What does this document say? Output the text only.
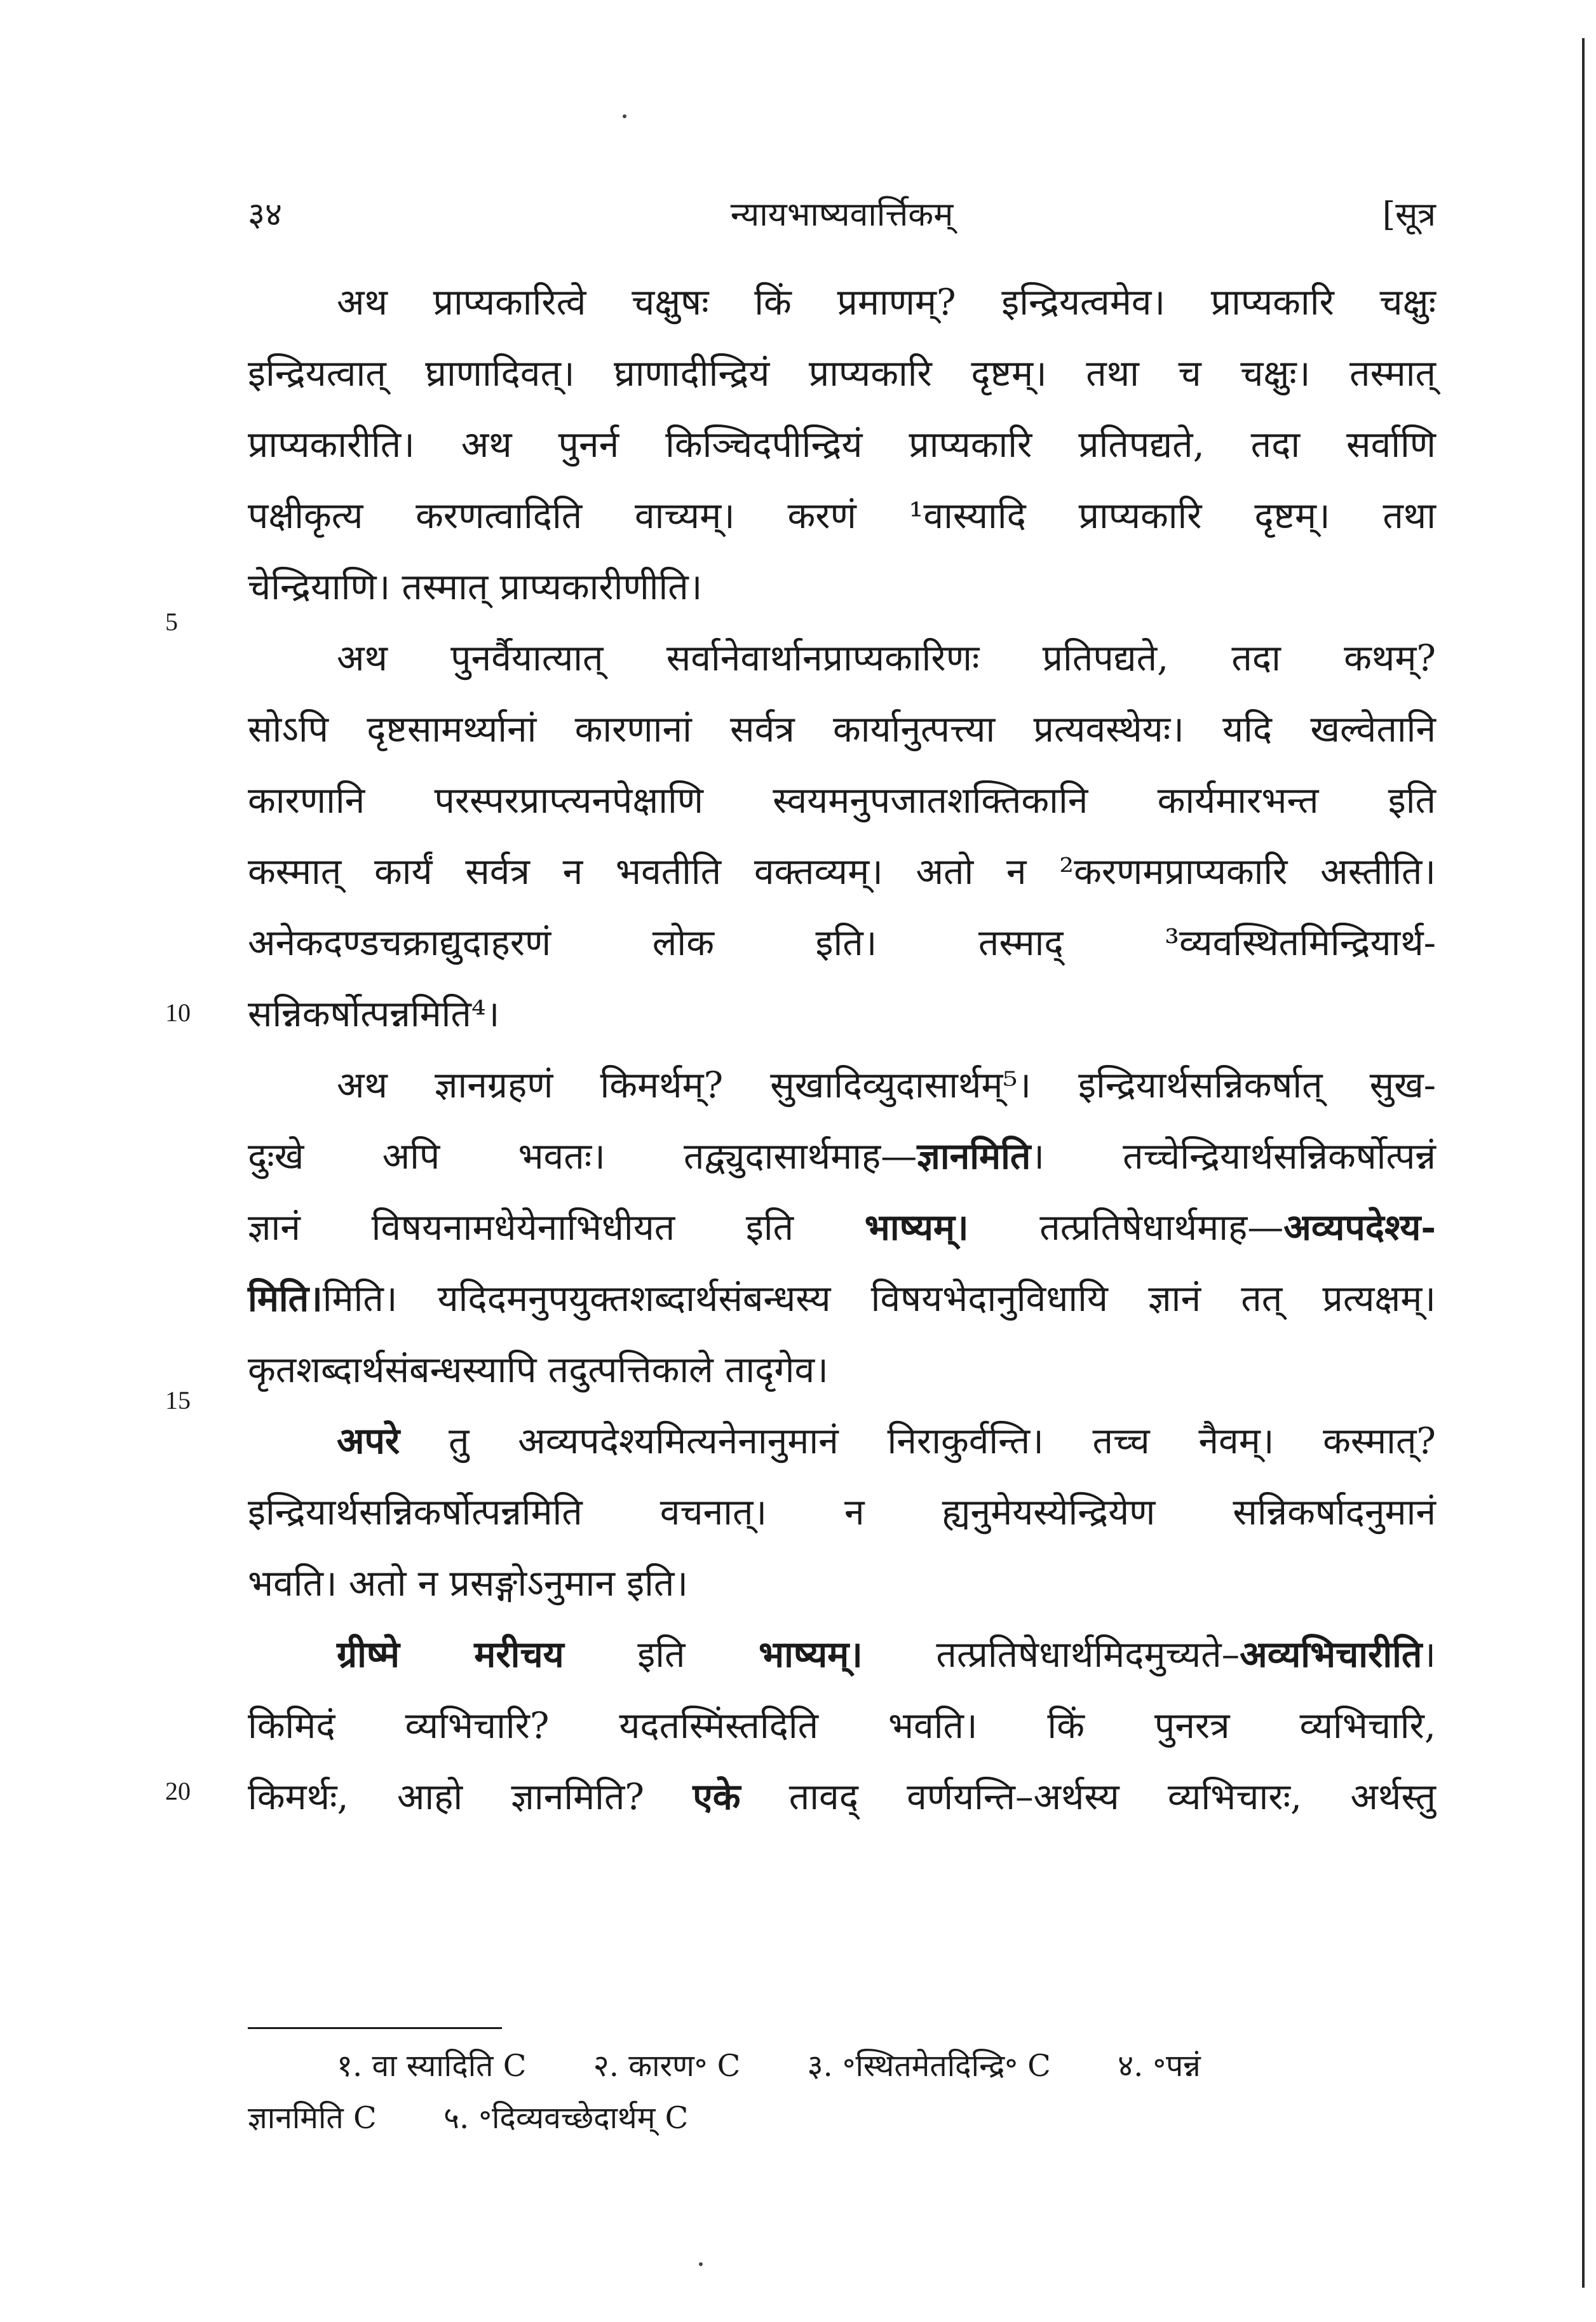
३४	न्यायभाष्यवार्त्तिकम्	[सूत्र
5
10
15
20

अथ प्राप्यकारित्वे चक्षुषः किं प्रमाणम्? इन्द्रियत्वमेव। प्राप्यकारि चक्षुः
इन्द्रियत्वात् घ्राणादिवत्। घ्राणादीन्द्रियं प्राप्यकारि दृष्टम्। तथा च चक्षुः। तस्मात्
प्राप्यकारीति। अथ पुनर्न किञ्चिदपीन्द्रियं प्राप्यकारि प्रतिपद्यते, तदा सर्वाणि
पक्षीकृत्य करणत्वादिति वाच्यम्। करणं ¹वास्यादि प्राप्यकारि दृष्टम्। तथा
चेन्द्रियाणि। तस्मात् प्राप्यकारीणीति।

अथ पुनर्वैयात्यात् सर्वानेवार्थानप्राप्यकारिणः प्रतिपद्यते, तदा कथम्?
सोऽपि दृष्टसामर्थ्यानां कारणानां सर्वत्र कार्यानुत्पत्त्या प्रत्यवस्थेयः। यदि खल्वेतानि
कारणानि परस्परप्राप्त्यनपेक्षाणि स्वयमनुपजातशक्तिकानि कार्यमारभन्त इति
कस्मात् कार्यं सर्वत्र न भवतीति वक्तव्यम्। अतो न ²करणमप्राप्यकारि अस्तीति।
अनेकदण्डचक्राद्युदाहरणं लोक इति। तस्माद् ³व्यवस्थितमिन्द्रियार्थ-
सन्निकर्षोत्पन्नमिति⁴।

अथ ज्ञानग्रहणं किमर्थम्? सुखादिव्युदासार्थम्⁵। इन्द्रियार्थसन्निकर्षात् सुख-
दुःखे अपि भवतः। तद्व्युदासार्थमाह—ज्ञानमिति। तच्चेन्द्रियार्थसन्निकर्षोत्पन्नं
ज्ञानं विषयनामधेयेनाभिधीयत इति भाष्यम्। तत्प्रतिषेधार्थमाह—अव्यपदेश्य-
मिति।मिति। यदिदमनुपयुक्तशब्दार्थसंबन्धस्य विषयभेदानुविधायि ज्ञानं तत् प्रत्यक्षम्।
कृतशब्दार्थसंबन्धस्यापि तदुत्पत्तिकाले तादृगेव।

अपरे तु अव्यपदेश्यमित्यनेनानुमानं निराकुर्वन्ति। तच्च नैवम्। कस्मात्?
इन्द्रियार्थसन्निकर्षोत्पन्नमिति वचनात्। न ह्यनुमेयस्येन्द्रियेण सन्निकर्षादनुमानं
भवति। अतो न प्रसङ्गोऽनुमान इति।

ग्रीष्मे मरीचय इति भाष्यम्। तत्प्रतिषेधार्थमिदमुच्यते–अव्यभिचारीति।
किमिदं व्यभिचारि? यदतस्मिंस्तदिति भवति। किं पुनरत्र व्यभिचारि,
किमर्थः, आहो ज्ञानमिति? एके तावद् वर्णयन्ति–अर्थस्य व्यभिचारः, अर्थस्तु

१. वा स्यादिति C २. कारण॰ C ३. ॰स्थितमेतदिन्द्रि॰ C ४. ॰पन्नं
ज्ञानमिति C ५. ॰दिव्यवच्छेदार्थम् C
